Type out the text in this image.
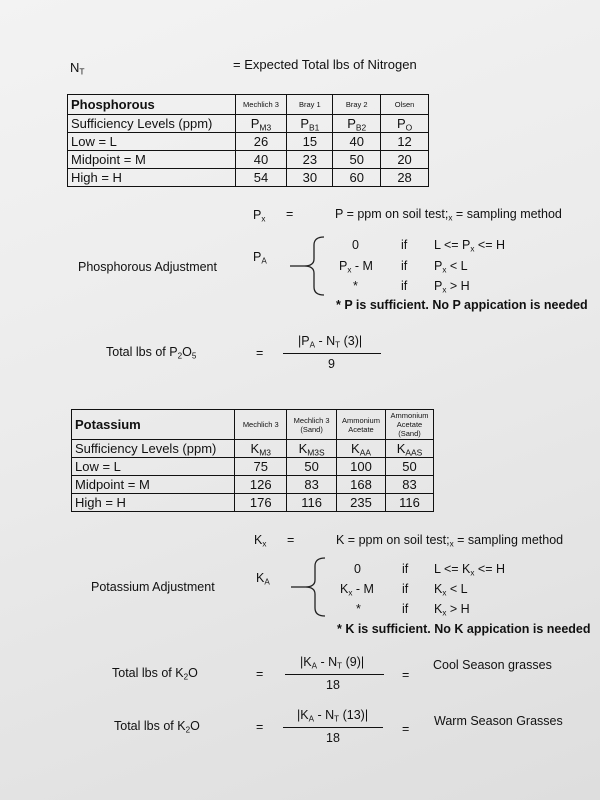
$N_T$	= Expected Total lbs of Nitrogen
Phosphorous	Mechlich 3	Bray 1	Bray 2	Olsen
Sufficiency Levels (ppm)	$P_{M3}$	$P_{B1}$	$P_{B2}$	$P_O$
Low = L	26	15	40	12
Midpoint = M	40	23	50	20
High = H	54	30	60	28
$P_x$ =	P = ppm on soil $test;_x$ = sampling method
Phosphorous Adjustment
$P_A$
0	if $L <= P_x <= H$
$P_x$ - M if $P_x < L$
*	if $P_x > H$
* P is sufficient. No P appication is needed
Total lbs of $P_2O_5$	=
$|P_A - N_T$ (3)|
9
Potassium	Mechlich 3	Mechlich 3 (Sand)	Ammonium Acetate	Ammonium Acetate (Sand)
Sufficiency Levels (ppm)	$K_{M3}$	$K_{M3S}$	$K_{AA}$	$K_{AAS}$
Low = L	75	50	100	50
Midpoint = M	126	83	168	83
High = H	176	116	235	116
$K_x$ =	K = ppm on soil $test;_x$ = sampling method
Potassium Adjustment
$K_A$
0	if $L <= K_x <= H$
$K_x$ - M if $K_x < L$
*	if $K_x > H$
* K is sufficient. No K appication is needed
Total lbs of $K_2O$	=
$|K_A - N_T$ (9)|
18
=
Cool Season grasses
Total lbs of $K_2O$	=
$|K_A - N_T$ (13)|
18
=
Warm Season Grasses
